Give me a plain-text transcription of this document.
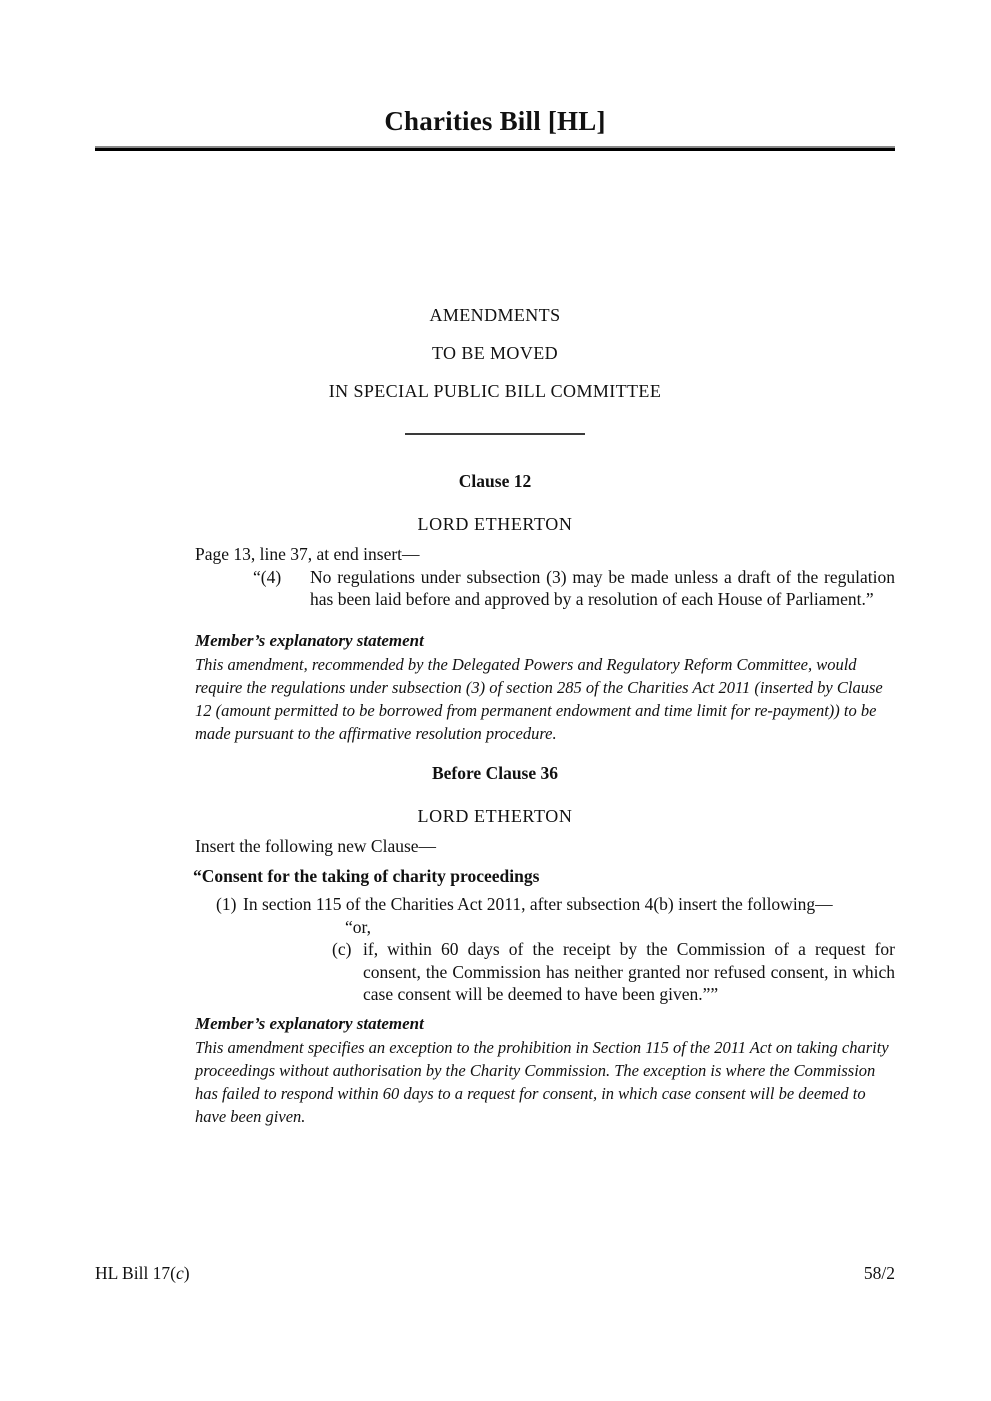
Charities Bill [HL]
AMENDMENTS
TO BE MOVED
IN SPECIAL PUBLIC BILL COMMITTEE
Clause 12
LORD ETHERTON

Page 13, line 37, at end insert—

“(4) No regulations under subsection (3) may be made unless a draft of the regulation has been laid before and approved by a resolution of each House of Parliament.”
Member’s explanatory statement

This amendment, recommended by the Delegated Powers and Regulatory Reform Committee, would require the regulations under subsection (3) of section 285 of the Charities Act 2011 (inserted by Clause 12 (amount permitted to be borrowed from permanent endowment and time limit for re-payment)) to be made pursuant to the affirmative resolution procedure.

Before Clause 36
LORD ETHERTON

Insert the following new Clause—

“Consent for the taking of charity proceedings

(1) In section 115 of the Charities Act 2011, after subsection 4(b) insert the following—
“or,
(c) if, within 60 days of the receipt by the Commission of a request for consent, the Commission has neither granted nor refused consent, in which case consent will be deemed to have been given.””
Member’s explanatory statement

This amendment specifies an exception to the prohibition in Section 115 of the 2011 Act on taking charity proceedings without authorisation by the Charity Commission. The exception is where the Commission has failed to respond within 60 days to a request for consent, in which case consent will be deemed to have been given.

HL Bill 17(c)	58/2
